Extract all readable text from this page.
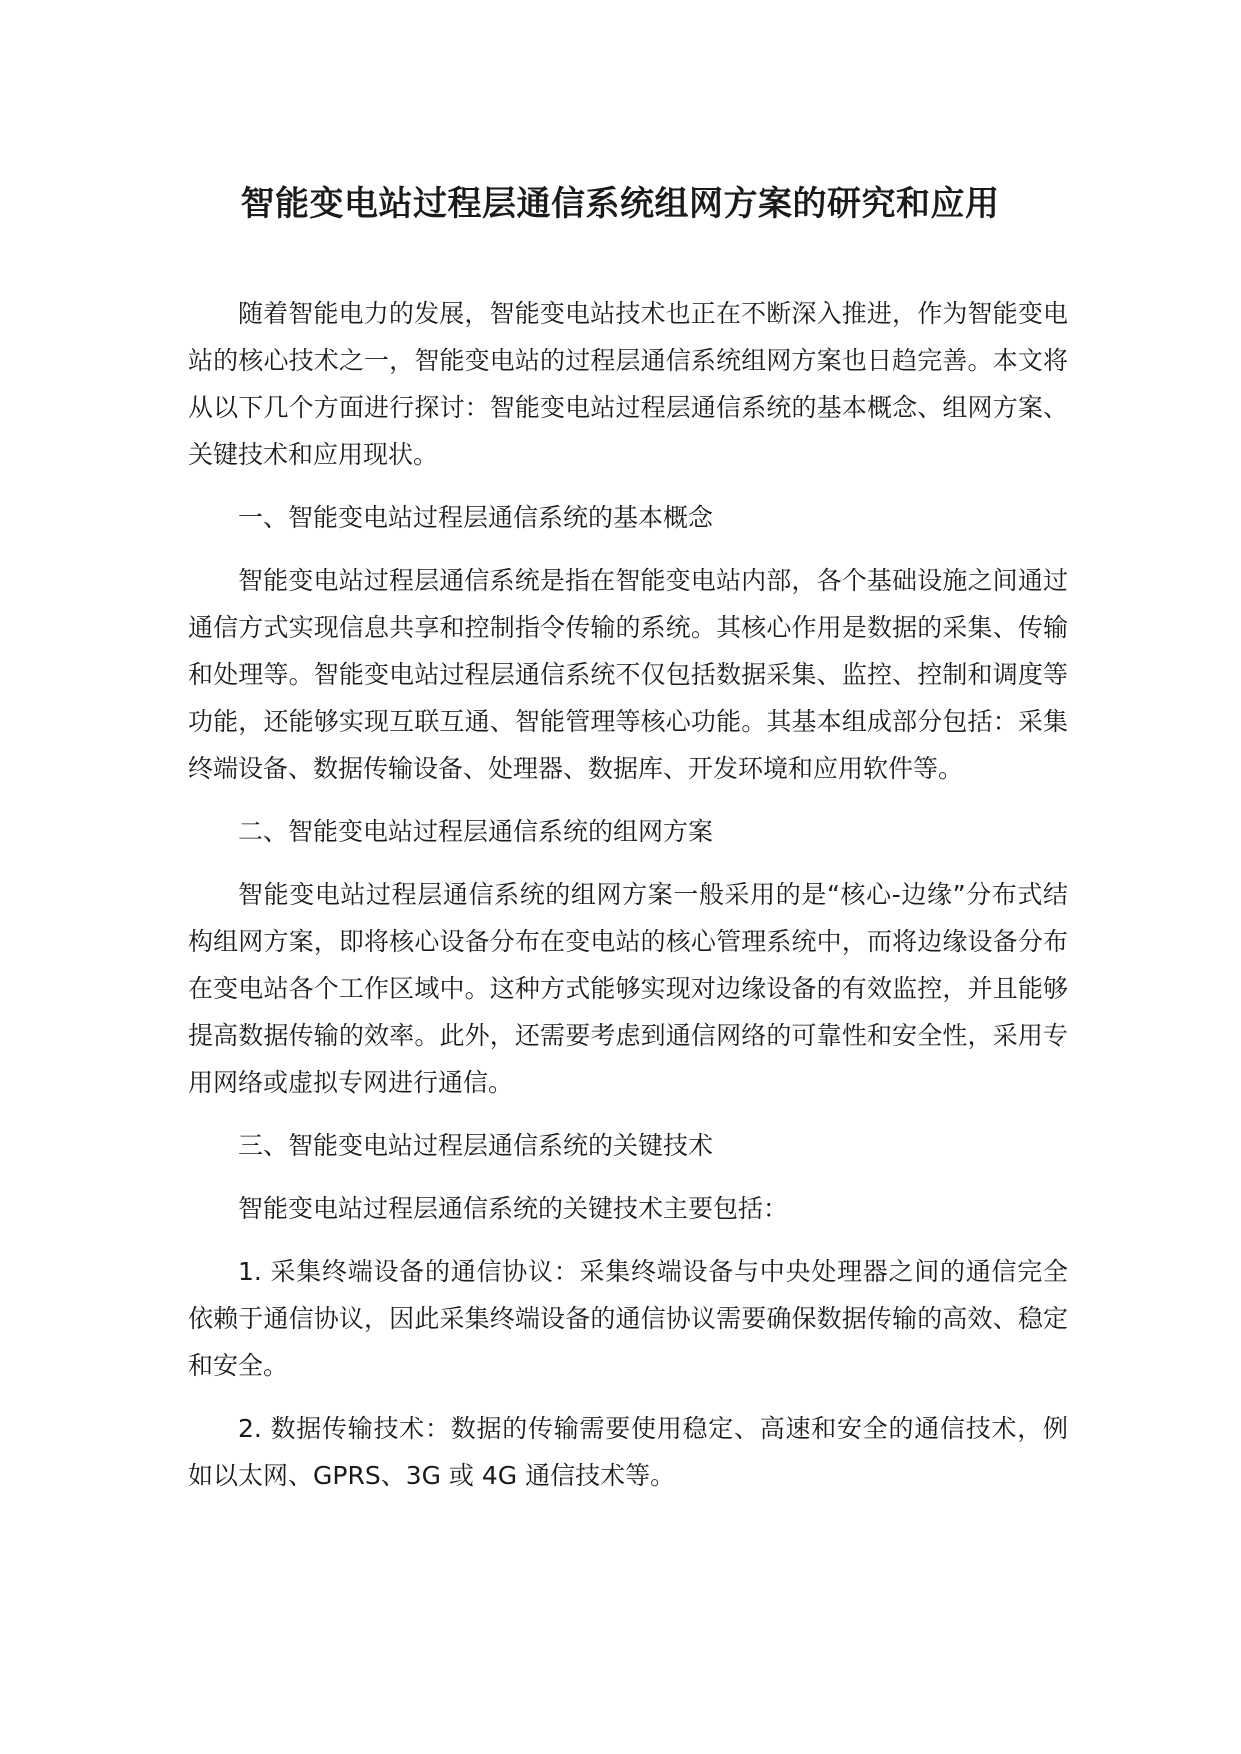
智能变电站过程层通信系统组网方案的研究和应用

随着智能电力的发展，智能变电站技术也正在不断深入推进，作为智能变电站的核心技术之一，智能变电站的过程层通信系统组网方案也日趋完善。本文将从以下几个方面进行探讨：智能变电站过程层通信系统的基本概念、组网方案、关键技术和应用现状。

一、智能变电站过程层通信系统的基本概念

智能变电站过程层通信系统是指在智能变电站内部，各个基础设施之间通过通信方式实现信息共享和控制指令传输的系统。其核心作用是数据的采集、传输和处理等。智能变电站过程层通信系统不仅包括数据采集、监控、控制和调度等功能，还能够实现互联互通、智能管理等核心功能。其基本组成部分包括：采集终端设备、数据传输设备、处理器、数据库、开发环境和应用软件等。

二、智能变电站过程层通信系统的组网方案

智能变电站过程层通信系统的组网方案一般采用的是“核心-边缘”分布式结构组网方案，即将核心设备分布在变电站的核心管理系统中，而将边缘设备分布在变电站各个工作区域中。这种方式能够实现对边缘设备的有效监控，并且能够提高数据传输的效率。此外，还需要考虑到通信网络的可靠性和安全性，采用专用网络或虚拟专网进行通信。

三、智能变电站过程层通信系统的关键技术

智能变电站过程层通信系统的关键技术主要包括：

1. 采集终端设备的通信协议：采集终端设备与中央处理器之间的通信完全依赖于通信协议，因此采集终端设备的通信协议需要确保数据传输的高效、稳定和安全。

2. 数据传输技术：数据的传输需要使用稳定、高速和安全的通信技术，例如以太网、GPRS、3G 或 4G 通信技术等。
